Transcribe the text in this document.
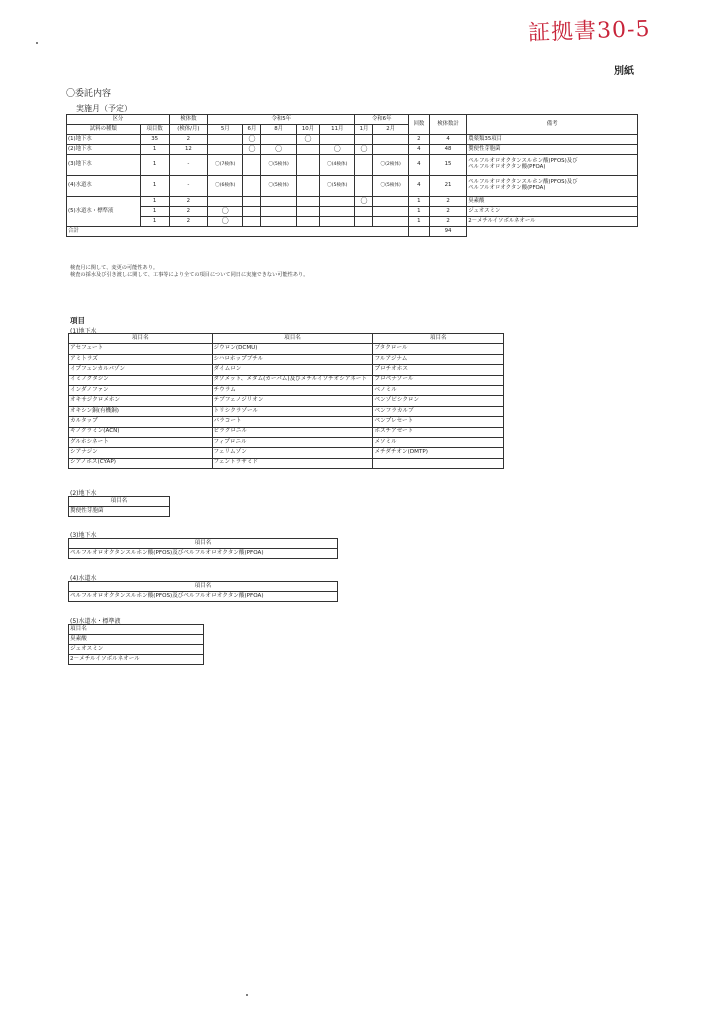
証拠書30-5
別紙
〇委託内容
実施月（予定）
区分		検体数	令和5年					令和6年		回数	検体数計	備考
試料の種類	項目数	(検体/月)	5月	6月	8月	10月	11月	1月	2月			
(1)地下水	35	2		〇		〇				2	4	農薬類35項目
(2)地下水	1	12		〇	〇		〇	〇		4	48	糞便性芽胞菌
(3)地下水	1	-	〇(7検体)		〇(5検体)		〇(4検体)		〇(2検体)	4	15	ペルフルオロオクタンスルホン酸(PFOS)及び
ペルフルオロオクタン酸(PFOA)
(4)水道水	1	-	〇(6検体)		〇(5検体)		〇(5検体)		〇(5検体)	4	21	ペルフルオロオクタンスルホン酸(PFOS)及び
ペルフルオロオクタン酸(PFOA)
(5)水道水・標準液	1	2						〇		1	2	臭素酸
	1	2	〇							1	2	ジェオスミン
	1	2	〇							1	2	2－メチルイソボルネオール
合計											94	
検査月に関して、変更の可能性あり。
検査の採水及び引き渡しに関して、工事等により全ての項目について同日に実施できない可能性あり。
項目
(1)地下水
項目名	項目名	項目名
アセフェート	ジウロン(DCMU)	ブタクロール
アミトラズ	シハロホップブチル	フルアジナム
イプフェンカルバゾン	ダイムロン	プロチオホス
イミノクタジン	ダゾメット、メタム(カーバム)及びメチルイソチオシアネート	プロペナゾール
インダノファン	チウラム	ベノミル
オキサジクロメホン	テブフェノジリオン	ペンゾピシクロン
オキシン銅(有機銅)	トリシクラゾール	ペンフラカルブ
カルタップ	パラコート	ペンプレセート
キノクラミン(ACN)	ピラクロニル	ホスチアゼート
グルホシネート	フィプロニル	メソミル
シアナジン	フェリムゾン	メチダチオン(DMTP)
シアノホス(CYAP)	フェントラザミド	
(2)地下水
項目名
糞便性芽胞菌
(3)地下水
項目名
ペルフルオロオクタンスルホン酸(PFOS)及びペルフルオロオクタン酸(PFOA)
(4)水道水
項目名
ペルフルオロオクタンスルホン酸(PFOS)及びペルフルオロオクタン酸(PFOA)
(5)水道水・標準液
項目名
臭素酸
ジェオスミン
2－メチルイソボルネオール
